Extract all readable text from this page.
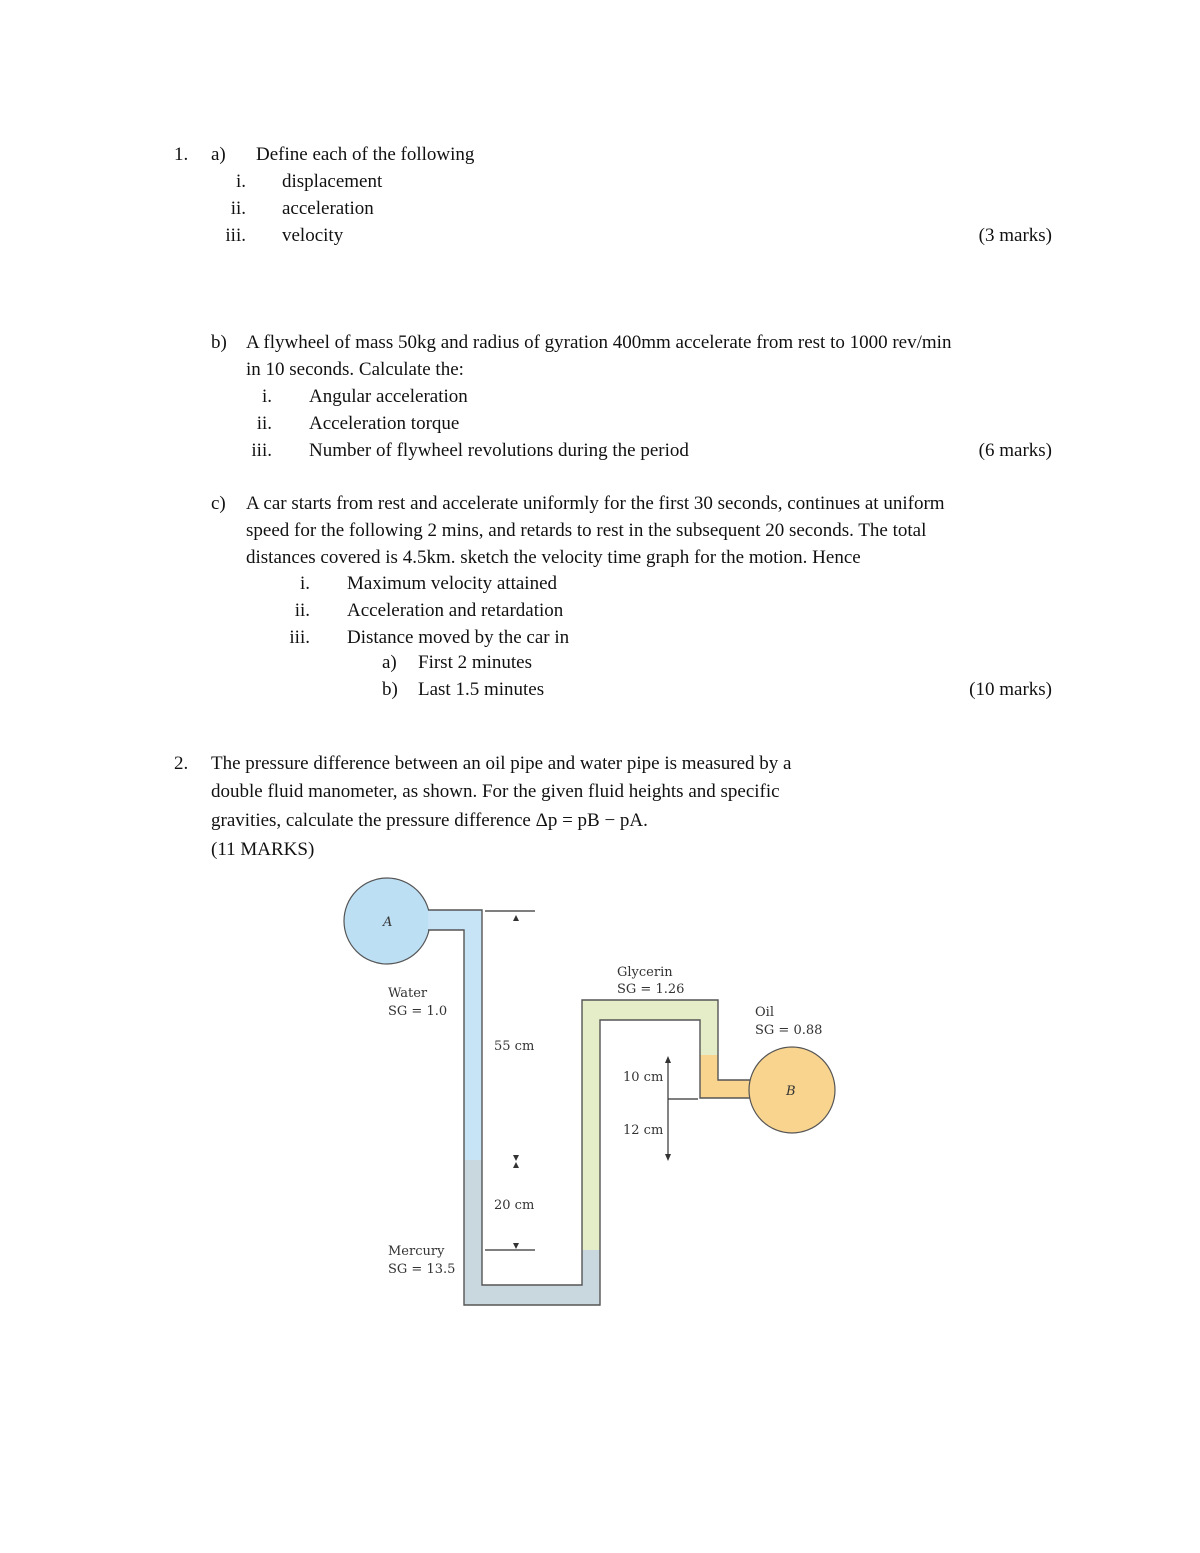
1. a) Define each of the following
i. displacement
ii. acceleration
iii. velocity	(3 marks)
b) A flywheel of mass 50kg and radius of gyration 400mm accelerate from rest to 1000 rev/min
in 10 seconds. Calculate the:
i. Angular acceleration
ii. Acceleration torque
iii. Number of flywheel revolutions during the period	(6 marks)
c) A car starts from rest and accelerate uniformly for the first 30 seconds, continues at uniform
speed for the following 2 mins, and retards to rest in the subsequent 20 seconds. The total
distances covered is 4.5km. sketch the velocity time graph for the motion. Hence
i. Maximum velocity attained
ii. Acceleration and retardation
iii. Distance moved by the car in
a) First 2 minutes
b) Last 1.5 minutes	(10 marks)
2. The pressure difference between an oil pipe and water pipe is measured by a
double fluid manometer, as shown. For the given fluid heights and specific
gravities, calculate the pressure difference Δp = pB − pA.
(11 MARKS)
A
B
Water
SG = 1.0
Mercury
SG = 13.5
Glycerin
SG = 1.26
Oil
SG = 0.88
55 cm
20 cm
10 cm
12 cm
